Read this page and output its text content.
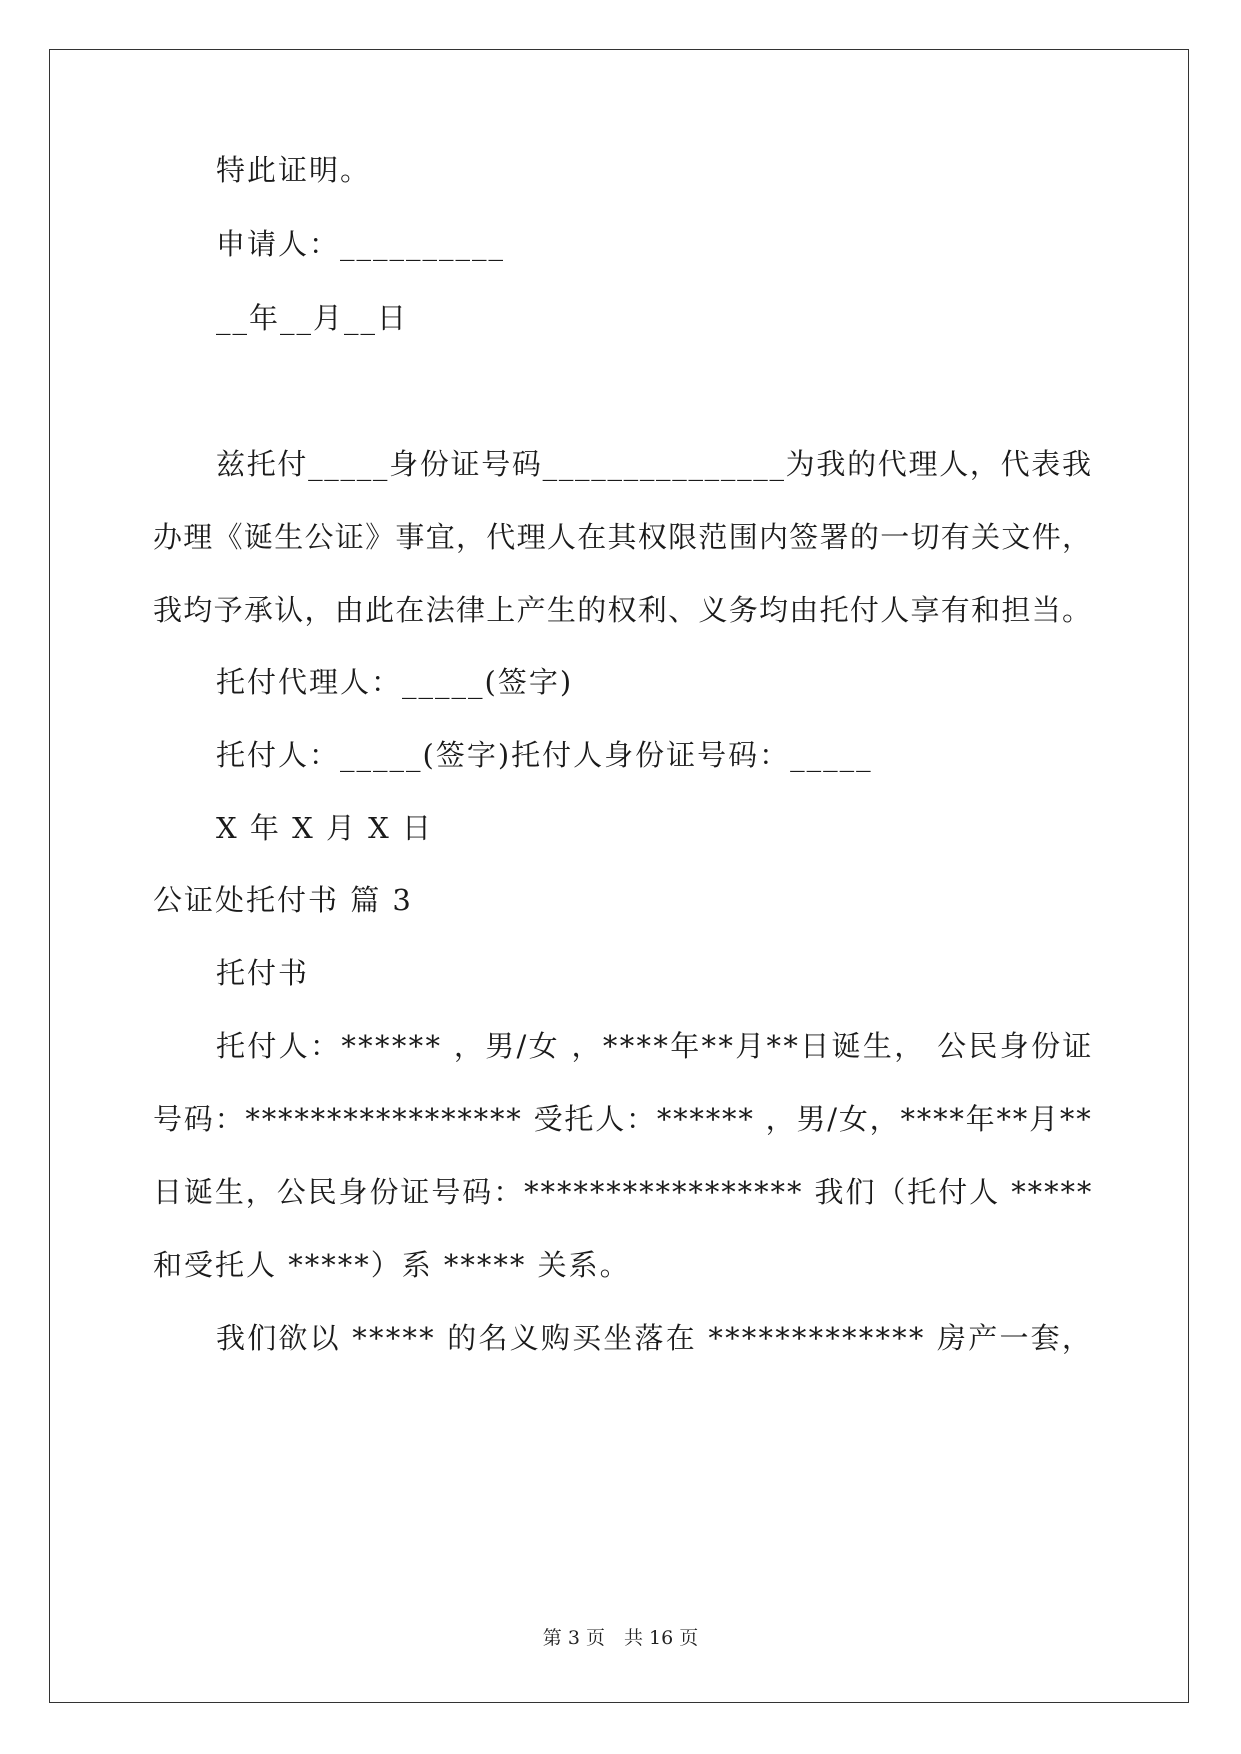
特此证明。
申请人：__________
__年__月__日
兹托付_____身份证号码_______________为我的代理人，代表我
办理《诞生公证》事宜，代理人在其权限范围内签署的一切有关文件，
我均予承认，由此在法律上产生的权利、义务均由托付人享有和担当。
托付代理人：_____(签字)
托付人：_____(签字)托付人身份证号码：_____
X 年 X 月 X 日
公证处托付书 篇 3
托付书
托付人：****** ，男/女 ，****年**月**日诞生， 公民身份证
号码：***************** 受托人：****** ，男/女，****年**月**
日诞生，公民身份证号码：***************** 我们（托付人 *****
和受托人 *****）系 ***** 关系。
我们欲以 ***** 的名义购买坐落在 ************* 房产一套，
第 3 页　共 16 页
